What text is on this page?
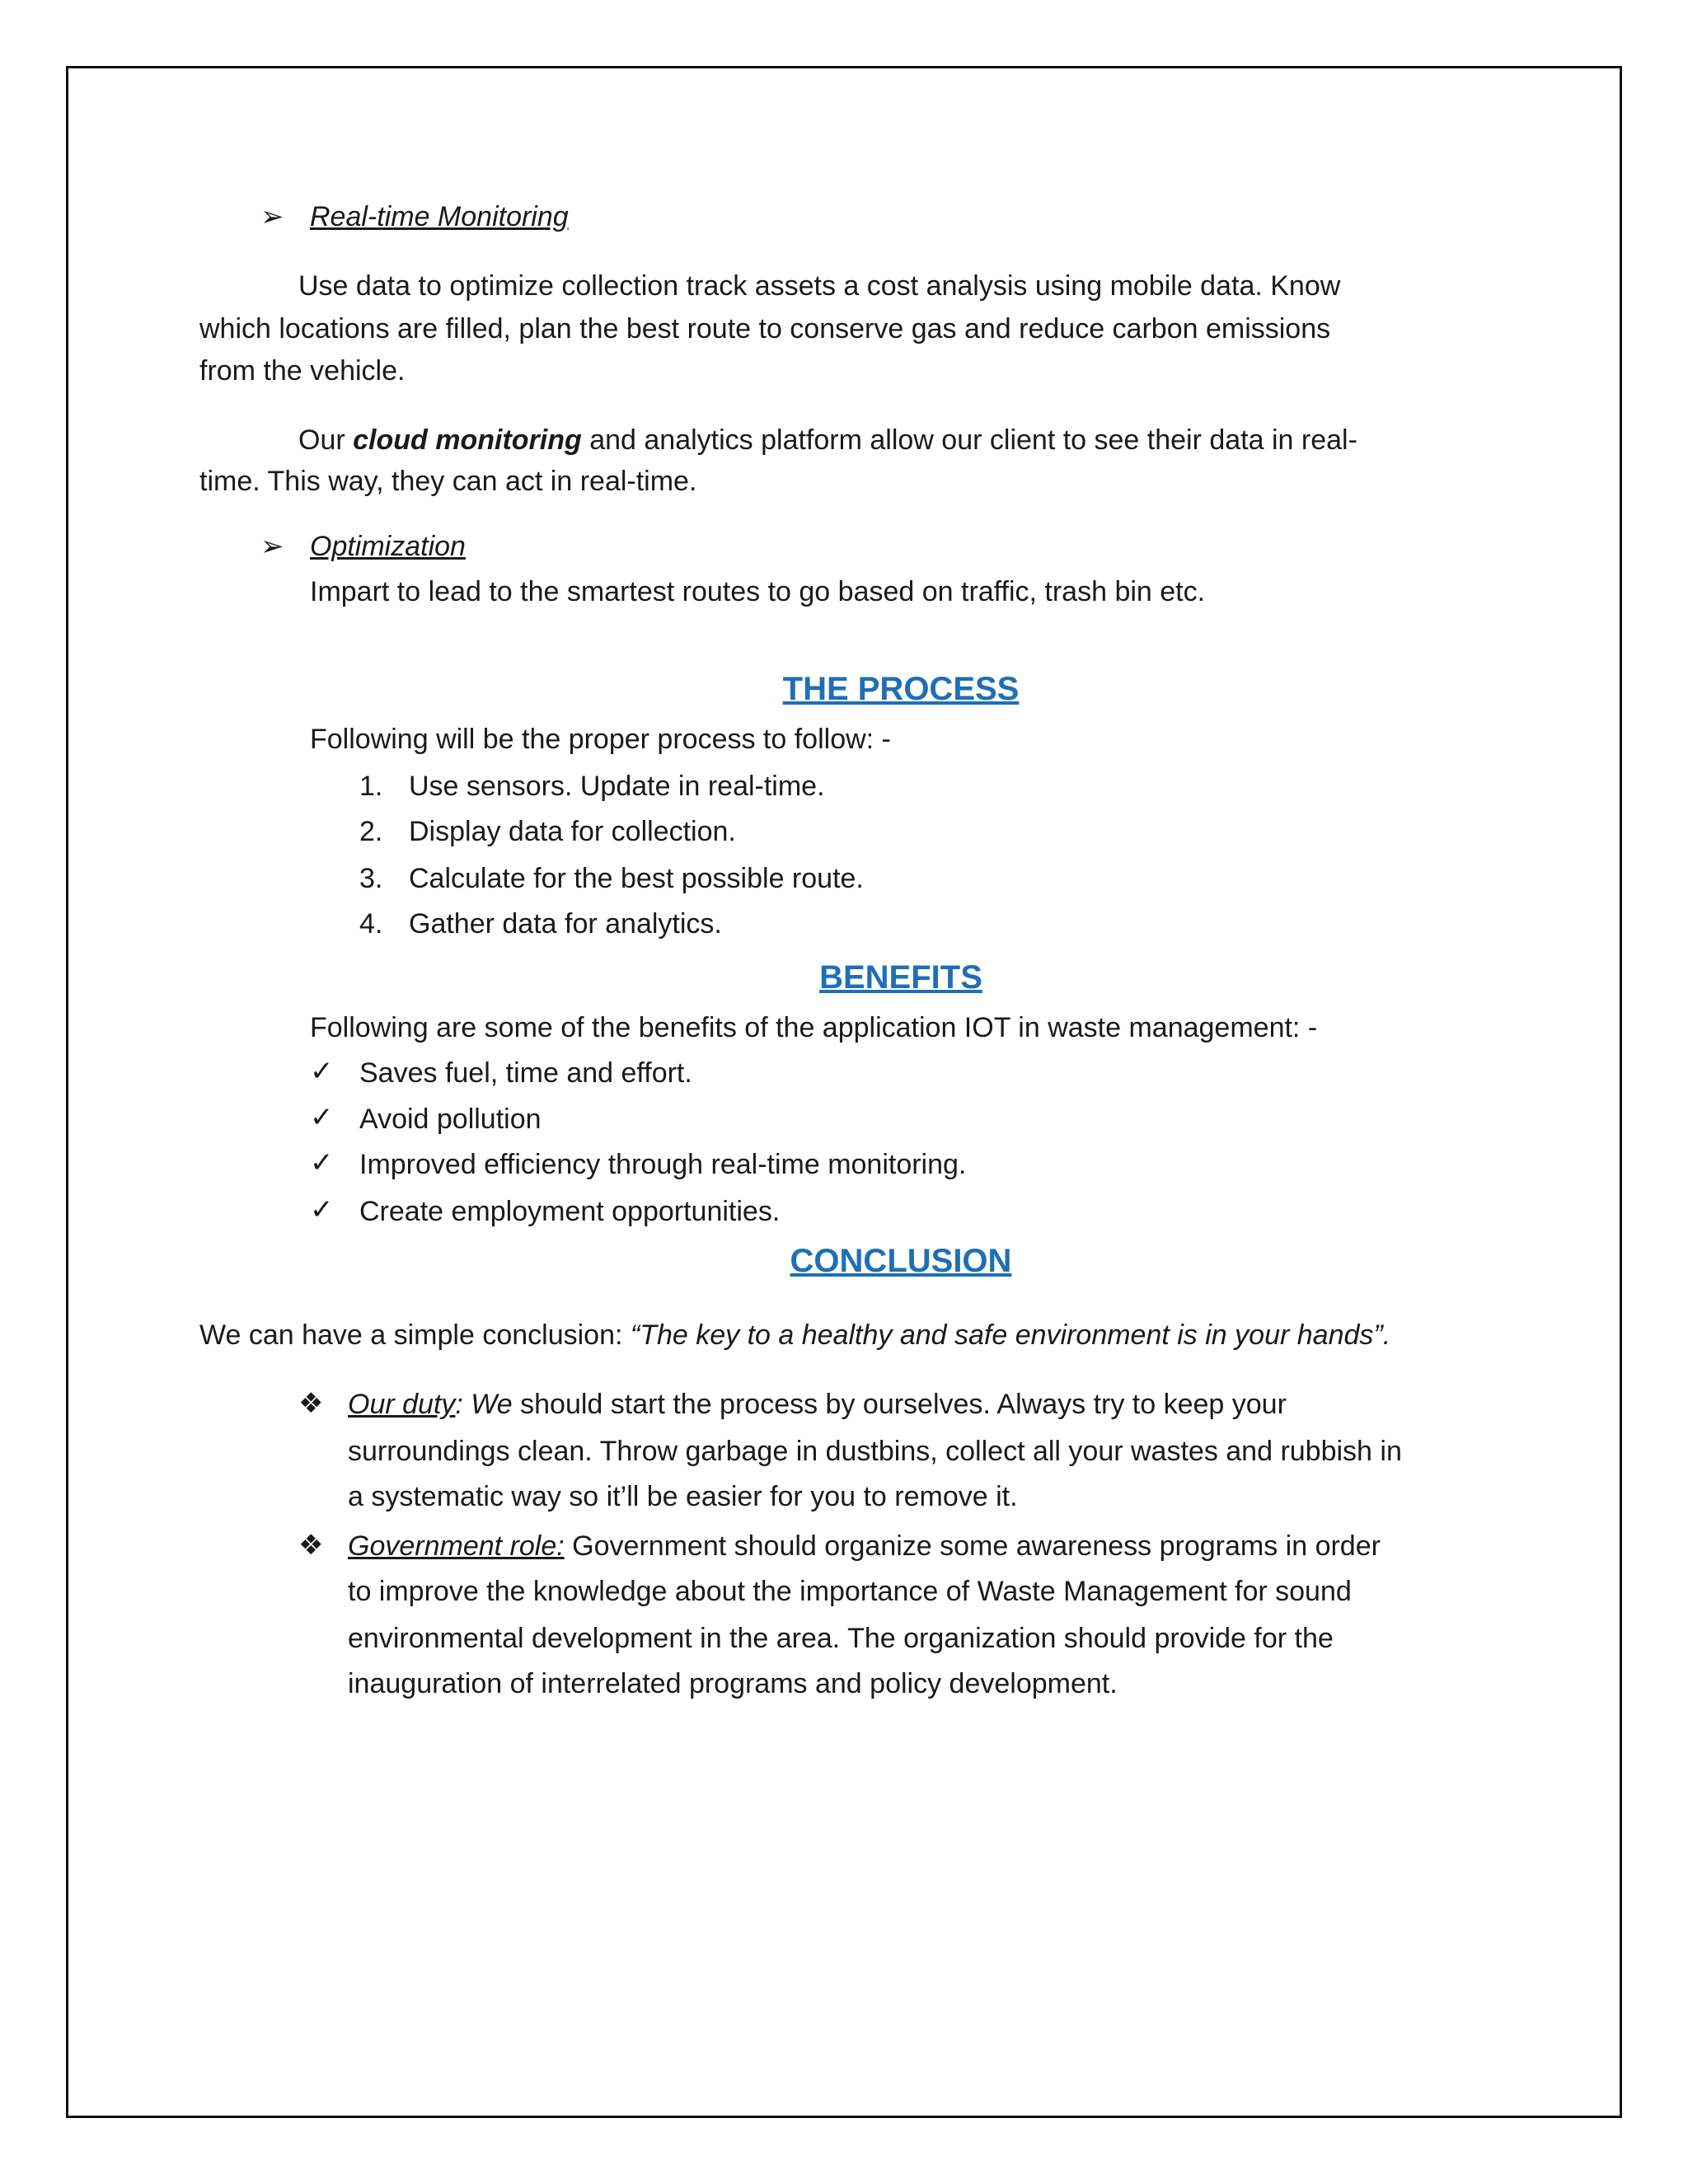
➢ Real-time Monitoring

Use data to optimize collection track assets a cost analysis using mobile data. Know

which locations are filled, plan the best route to conserve gas and reduce carbon emissions

from the vehicle.

Our cloud monitoring and analytics platform allow our client to see their data in real-

time. This way, they can act in real-time.

➢ Optimization

Impart to lead to the smartest routes to go based on traffic, trash bin etc.

THE PROCESS

Following will be the proper process to follow: -

1. Use sensors. Update in real-time.

2. Display data for collection.

3. Calculate for the best possible route.

4. Gather data for analytics.

BENEFITS

Following are some of the benefits of the application IOT in waste management: -

✓ Saves fuel, time and effort.

✓ Avoid pollution

✓ Improved efficiency through real-time monitoring.

✓ Create employment opportunities.

CONCLUSION

We can have a simple conclusion: “The key to a healthy and safe environment is in your hands”.

❖ Our duty: We should start the process by ourselves. Always try to keep your

surroundings clean. Throw garbage in dustbins, collect all your wastes and rubbish in

a systematic way so it’ll be easier for you to remove it.

❖ Government role: Government should organize some awareness programs in order

to improve the knowledge about the importance of Waste Management for sound

environmental development in the area. The organization should provide for the

inauguration of interrelated programs and policy development.
